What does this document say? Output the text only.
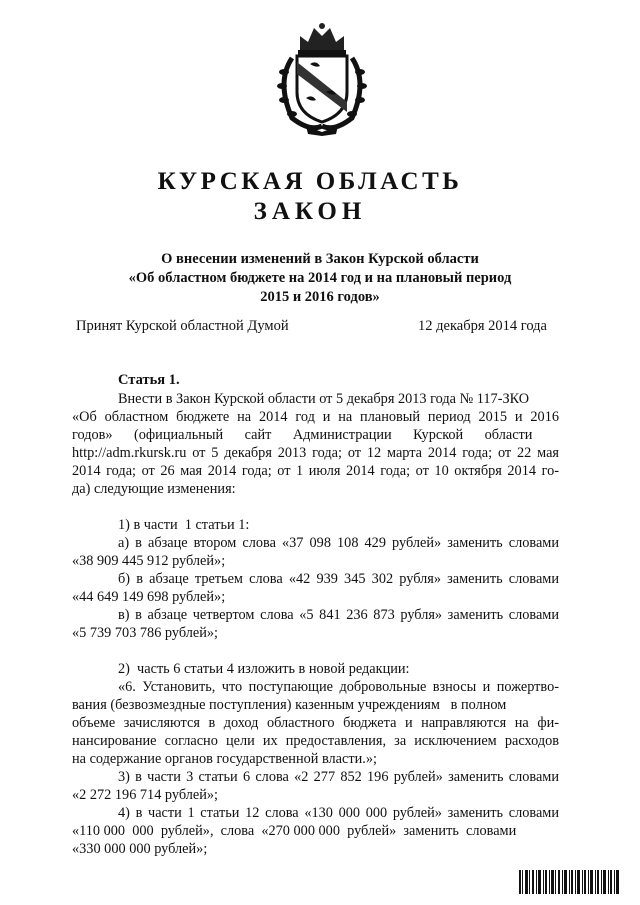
КУРСКАЯ ОБЛАСТЬ
ЗАКОН
О внесении изменений в Закон Курской области
«Об областном бюджете на 2014 год и на плановый период
2015 и 2016 годов»
Принят Курской областной Думой	12 декабря 2014 года
Статья 1.
Внести в Закон Курской области от 5 декабря 2013 года № 117-ЗКО
«Об областном бюджете на 2014 год и на плановый период 2015 и 2016
годов»      (официальный      сайт      Администрации      Курской      области
http://adm.rkursk.ru от 5 декабря 2013 года; от 12 марта 2014 года; от 22 мая
2014 года; от 26 мая 2014 года; от 1 июля 2014 года; от 10 октября 2014 го-
да) следующие изменения:
1) в части  1 статьи 1:
а) в абзаце втором слова «37 098 108 429 рублей» заменить словами
«38 909 445 912 рублей»;
б) в абзаце третьем слова «42 939 345 302 рубля» заменить словами
«44 649 149 698 рублей»;
в) в абзаце четвертом слова «5 841 236 873 рубля» заменить словами
«5 739 703 786 рублей»;
2)  часть 6 статьи 4 изложить в новой редакции:
«6. Установить, что поступающие добровольные взносы и пожертво-
вания (безвозмездные поступления) казенным учреждениям   в полном
объеме зачисляются в доход областного бюджета и направляются на фи-
нансирование согласно цели их предоставления, за исключением расходов
на содержание органов государственной власти.»;
3) в части 3 статьи 6 слова «2 277 852 196 рублей» заменить словами
«2 272 196 714 рублей»;
4) в части 1 статьи 12 слова «130 000 000 рублей» заменить словами
«110 000  000  рублей»,  слова  «270 000 000  рублей»  заменить  словами
«330 000 000 рублей»;
